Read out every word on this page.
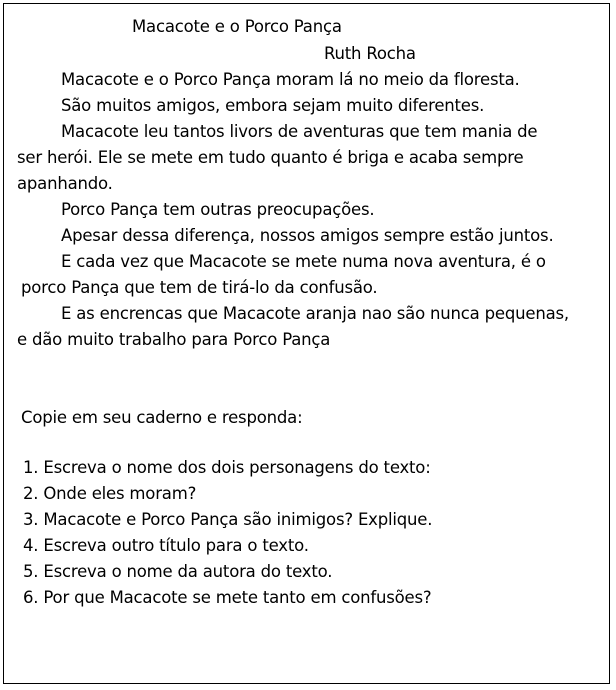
Macacote e o Porco Pança
Ruth Rocha
Macacote e o Porco Pança moram lá no meio da floresta.
São muitos amigos, embora sejam muito diferentes.
Macacote leu tantos livors de aventuras que tem mania de
ser herói. Ele se mete em tudo quanto é briga e acaba sempre
apanhando.
Porco Pança tem outras preocupações.
Apesar dessa diferença, nossos amigos sempre estão juntos.
E cada vez que Macacote se mete numa nova aventura, é o
porco Pança que tem de tirá-lo da confusão.
E as encrencas que Macacote aranja nao são nunca pequenas,
e dão muito trabalho para Porco Pança
Copie em seu caderno e responda:
1. Escreva o nome dos dois personagens do texto:
2. Onde eles moram?
3. Macacote e Porco Pança são inimigos? Explique.
4. Escreva outro título para o texto.
5. Escreva o nome da autora do texto.
6. Por que Macacote se mete tanto em confusões?
